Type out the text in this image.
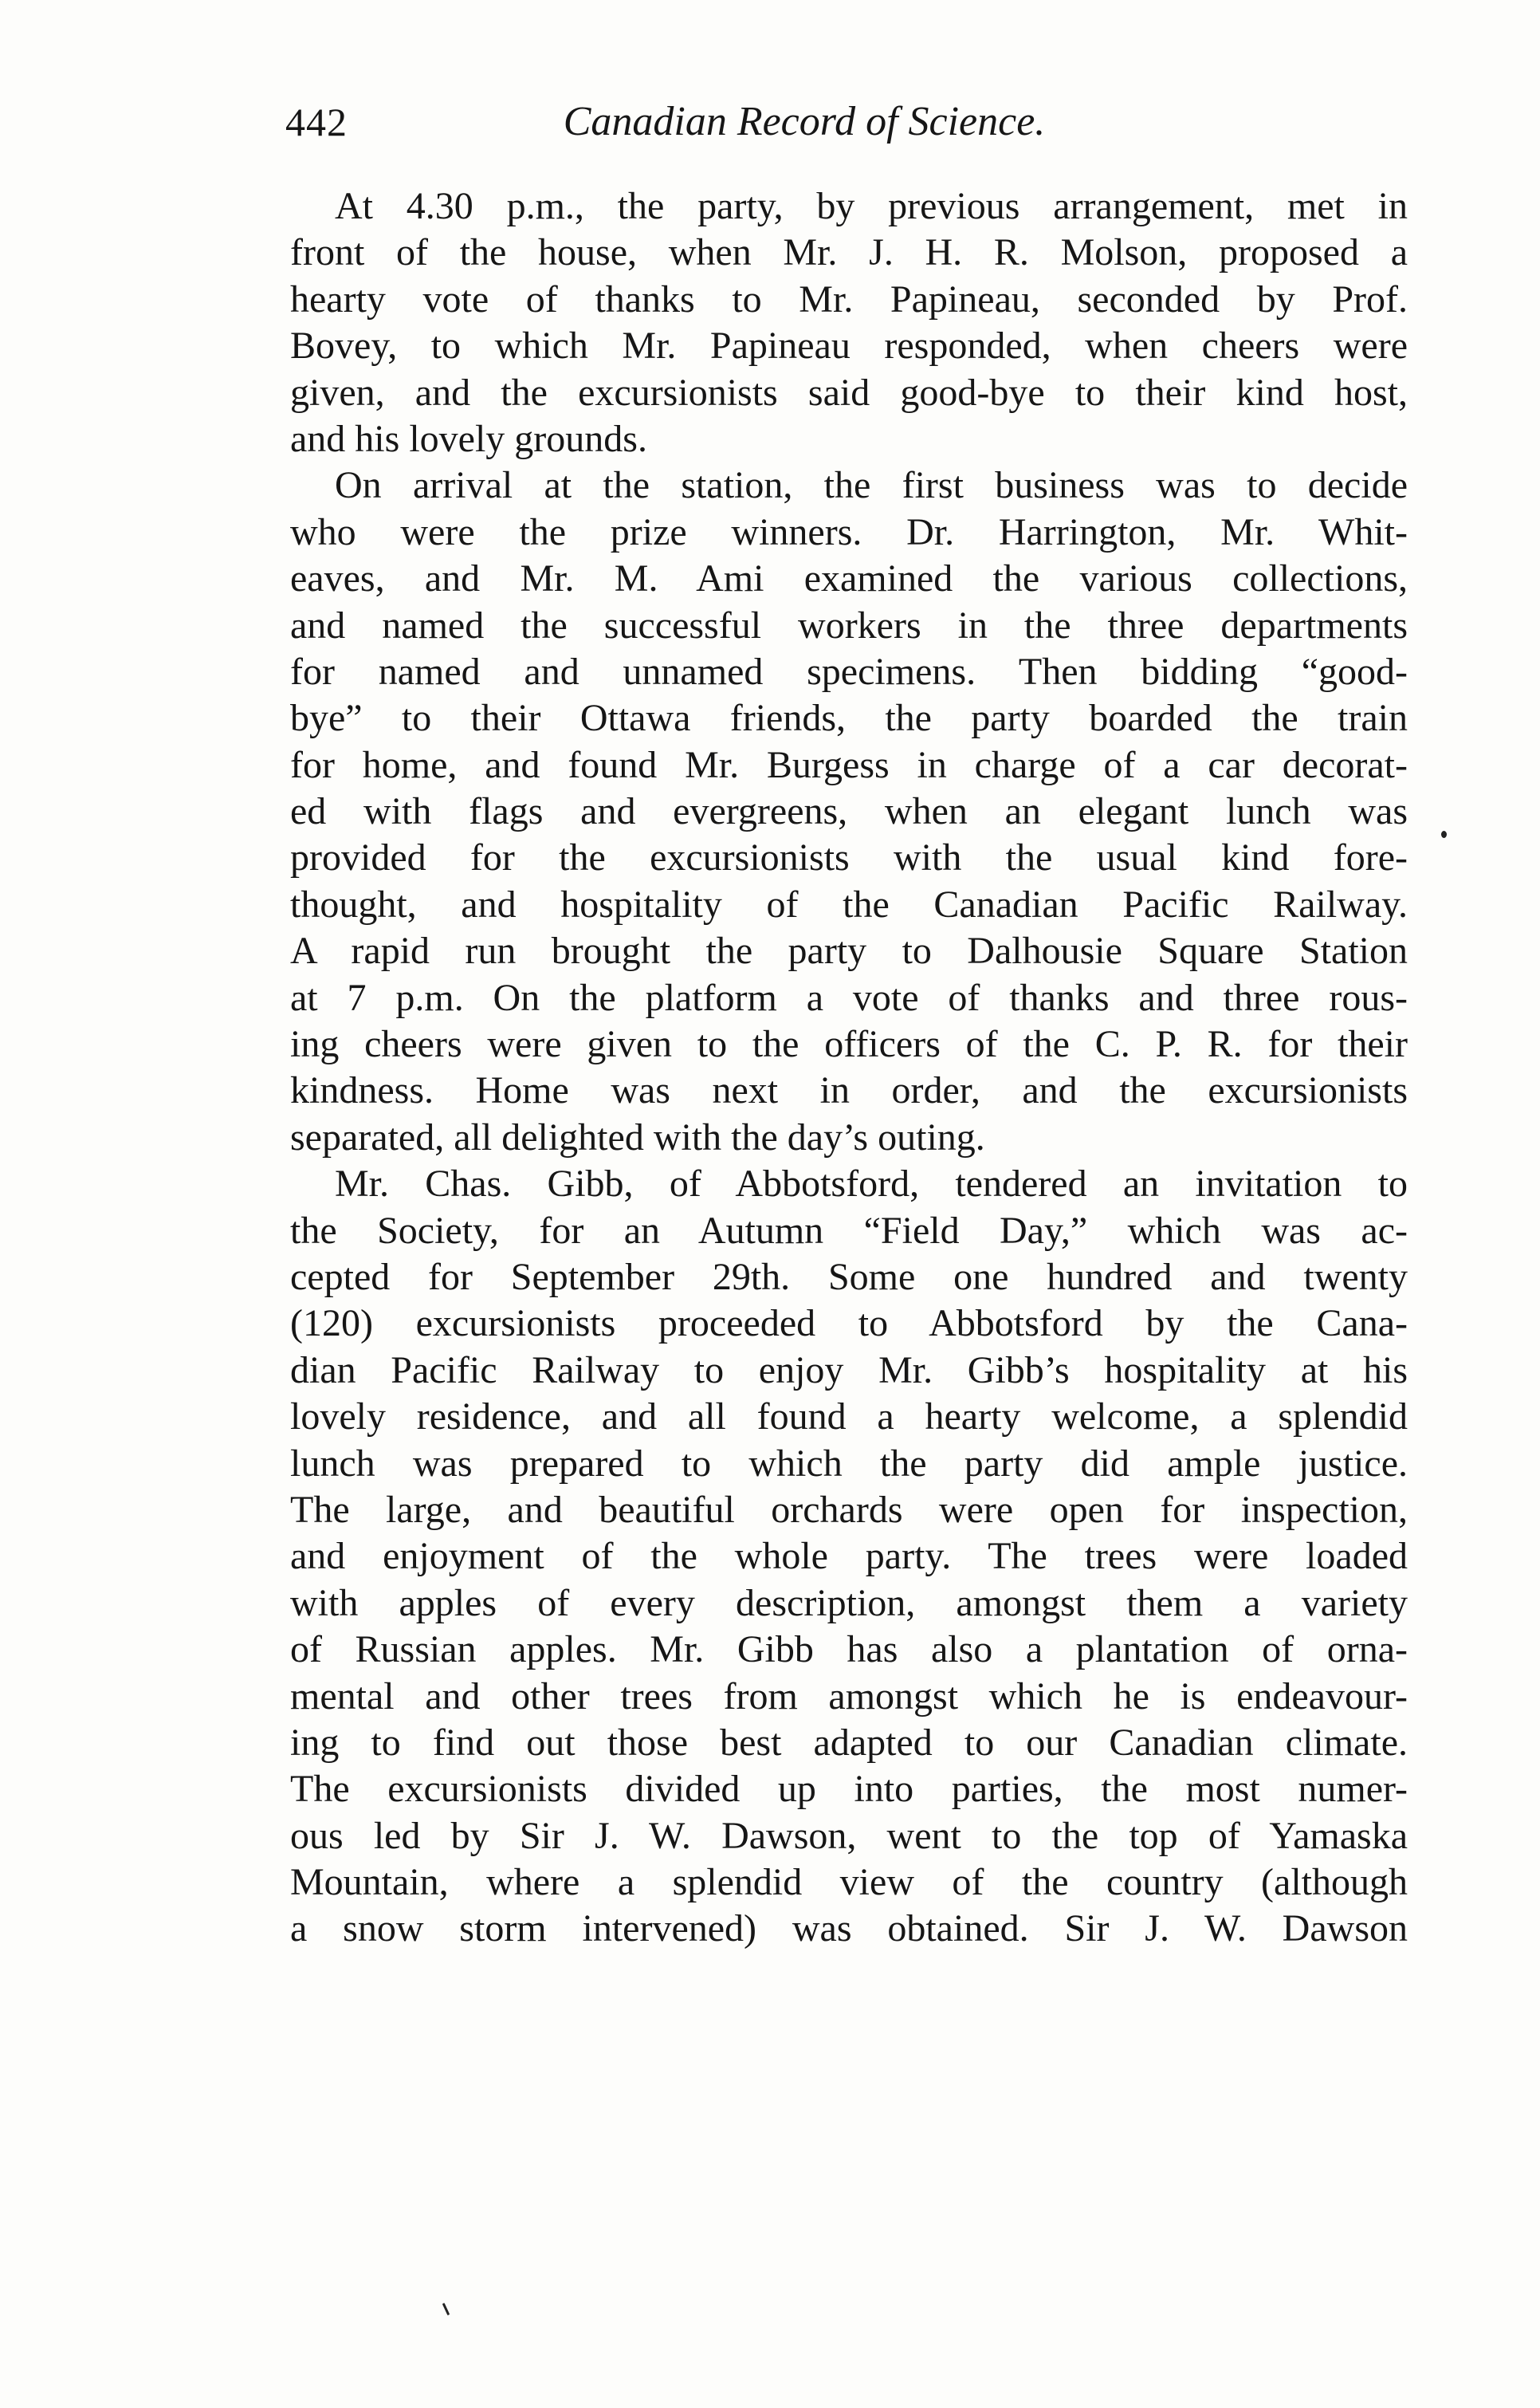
442	Canadian Record of Science.
At 4.30 p.m., the party, by previous arrangement, met in
front of the house, when Mr. J. H. R. Molson, proposed a
hearty vote of thanks to Mr. Papineau, seconded by Prof.
Bovey, to which Mr. Papineau responded, when cheers were
given, and the excursionists said good-bye to their kind host,
and his lovely grounds.
On arrival at the station, the first business was to decide
who were the prize winners. Dr. Harrington, Mr. Whit-
eaves, and Mr. M. Ami examined the various collections,
and named the successful workers in the three departments
for named and unnamed specimens. Then bidding “good-
bye” to their Ottawa friends, the party boarded the train
for home, and found Mr. Burgess in charge of a car decorat-
ed with flags and evergreens, when an elegant lunch was
provided for the excursionists with the usual kind fore-
thought, and hospitality of the Canadian Pacific Railway.
A rapid run brought the party to Dalhousie Square Station
at 7 p.m. On the platform a vote of thanks and three rous-
ing cheers were given to the officers of the C. P. R. for their
kindness. Home was next in order, and the excursionists
separated, all delighted with the day’s outing.
Mr. Chas. Gibb, of Abbotsford, tendered an invitation to
the Society, for an Autumn “Field Day,” which was ac-
cepted for September 29th. Some one hundred and twenty
(120) excursionists proceeded to Abbotsford by the Cana-
dian Pacific Railway to enjoy Mr. Gibb’s hospitality at his
lovely residence, and all found a hearty welcome, a splendid
lunch was prepared to which the party did ample justice.
The large, and beautiful orchards were open for inspection,
and enjoyment of the whole party. The trees were loaded
with apples of every description, amongst them a variety
of Russian apples. Mr. Gibb has also a plantation of orna-
mental and other trees from amongst which he is endeavour-
ing to find out those best adapted to our Canadian climate.
The excursionists divided up into parties, the most numer-
ous led by Sir J. W. Dawson, went to the top of Yamaska
Mountain, where a splendid view of the country (although
a snow storm intervened) was obtained. Sir J. W. Dawson
